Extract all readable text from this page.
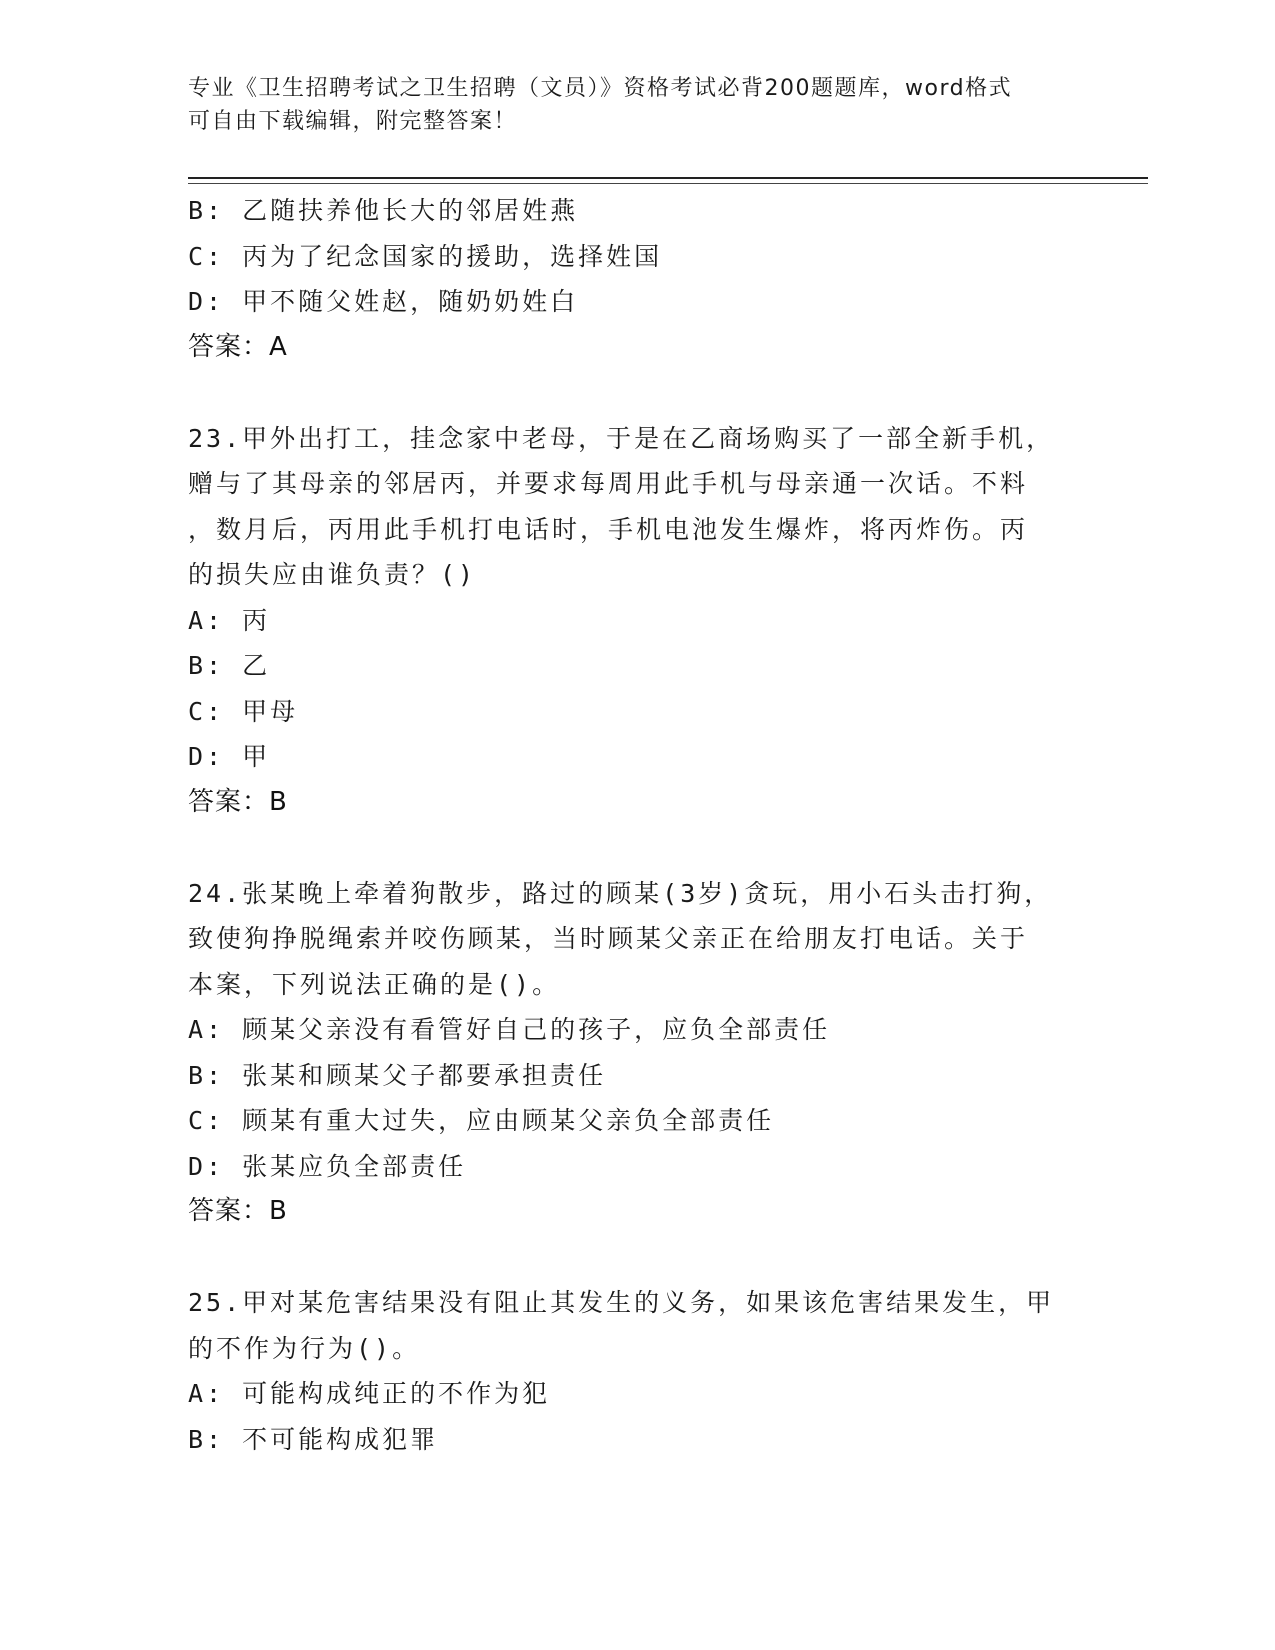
专业《卫生招聘考试之卫生招聘（文员）》资格考试必背200题题库，word格式
可自由下载编辑，附完整答案！
B: 乙随扶养他长大的邻居姓燕
C: 丙为了纪念国家的援助，选择姓国
D: 甲不随父姓赵，随奶奶姓白
答案：A
23.甲外出打工，挂念家中老母，于是在乙商场购买了一部全新手机，
赠与了其母亲的邻居丙，并要求每周用此手机与母亲通一次话。不料
，数月后，丙用此手机打电话时，手机电池发生爆炸，将丙炸伤。丙
的损失应由谁负责？()
A: 丙
B: 乙
C: 甲母
D: 甲
答案：B
24.张某晚上牵着狗散步，路过的顾某(3岁)贪玩，用小石头击打狗，
致使狗挣脱绳索并咬伤顾某，当时顾某父亲正在给朋友打电话。关于
本案，下列说法正确的是()。
A: 顾某父亲没有看管好自己的孩子，应负全部责任
B: 张某和顾某父子都要承担责任
C: 顾某有重大过失，应由顾某父亲负全部责任
D: 张某应负全部责任
答案：B
25.甲对某危害结果没有阻止其发生的义务，如果该危害结果发生，甲
的不作为行为()。
A: 可能构成纯正的不作为犯
B: 不可能构成犯罪
